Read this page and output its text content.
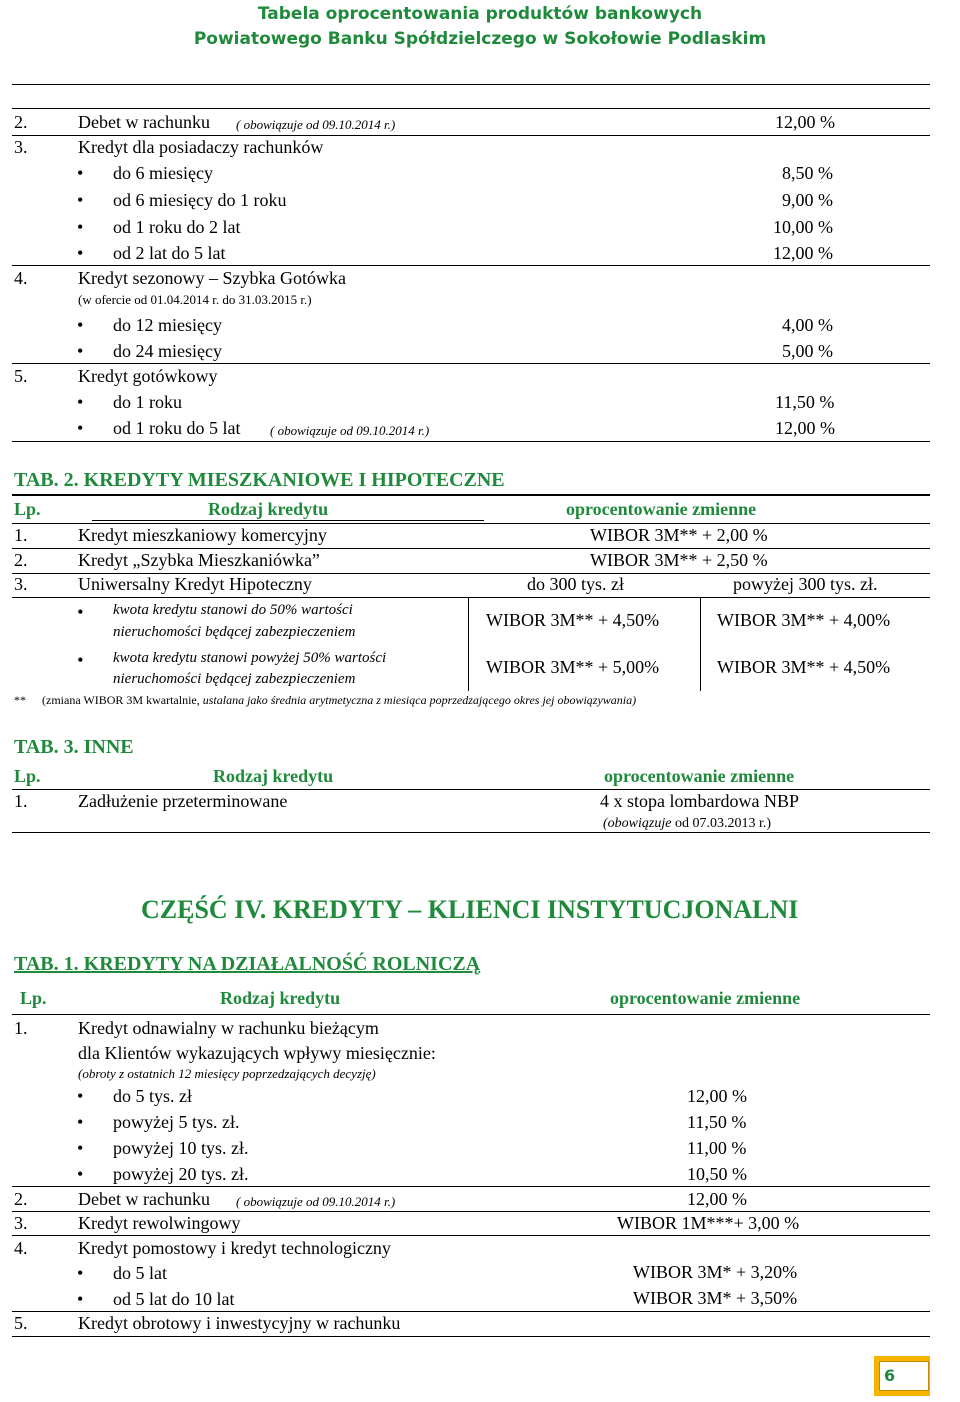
Tabela oprocentowania produktów bankowych
Powiatowego Banku Spółdzielczego w Sokołowie Podlaskim
2.	Debet w rachunku ( obowiązuje od 09.10.2014 r.)	12,00 %
3.	Kredyt dla posiadaczy rachunków
• do 6 miesięcy	8,50 %
• od 6 miesięcy do 1 roku	9,00 %
• od 1 roku do 2 lat	10,00 %
• od 2 lat do 5 lat	12,00 %
4.	Kredyt sezonowy – Szybka Gotówka
(w ofercie od 01.04.2014 r. do 31.03.2015 r.)
• do 12 miesięcy	4,00 %
• do 24 miesięcy	5,00 %
5.	Kredyt gotówkowy
• do 1 roku	11,50 %
• od 1 roku do 5 lat ( obowiązuje od 09.10.2014 r.)	12,00 %
TAB. 2. KREDYTY MIESZKANIOWE I HIPOTECZNE
Lp.	Rodzaj kredytu	oprocentowanie zmienne
1.	Kredyt mieszkaniowy komercyjny	WIBOR 3M** + 2,00 %
2.	Kredyt „Szybka Mieszkaniówka”	WIBOR 3M** + 2,50 %
3.	Uniwersalny Kredyt Hipoteczny	do 300 tys. zł	powyżej 300 tys. zł.
• kwota kredytu stanowi do 50% wartości
nieruchomości będącej zabezpieczeniem
WIBOR 3M** + 4,50%	WIBOR 3M** + 4,00%
• kwota kredytu stanowi powyżej 50% wartości
nieruchomości będącej zabezpieczeniem
WIBOR 3M** + 5,00%	WIBOR 3M** + 4,50%
** (zmiana WIBOR 3M kwartalnie, ustalana jako średnia arytmetyczna z miesiąca poprzedzającego okres jej obowiązywania)
TAB. 3. INNE
Lp.	Rodzaj kredytu	oprocentowanie zmienne
1.	Zadłużenie przeterminowane	4 x stopa lombardowa NBP
(obowiązuje od 07.03.2013 r.)
CZĘŚĆ IV. KREDYTY – KLIENCI INSTYTUCJONALNI
TAB. 1. KREDYTY NA DZIAŁALNOŚĆ ROLNICZĄ
Lp.	Rodzaj kredytu	oprocentowanie zmienne
1.	Kredyt odnawialny w rachunku bieżącym
dla Klientów wykazujących wpływy miesięcznie:
(obroty z ostatnich 12 miesięcy poprzedzających decyzję)
• do 5 tys. zł	12,00 %
• powyżej 5 tys. zł.	11,50 %
• powyżej 10 tys. zł.	11,00 %
• powyżej 20 tys. zł.	10,50 %
2.	Debet w rachunku ( obowiązuje od 09.10.2014 r.)	12,00 %
3.	Kredyt rewolwingowy	WIBOR 1M***+ 3,00 %
4.	Kredyt pomostowy i kredyt technologiczny
• do 5 lat	WIBOR 3M* + 3,20%
• od 5 lat do 10 lat	WIBOR 3M* + 3,50%
5.	Kredyt obrotowy i inwestycyjny w rachunku
6
